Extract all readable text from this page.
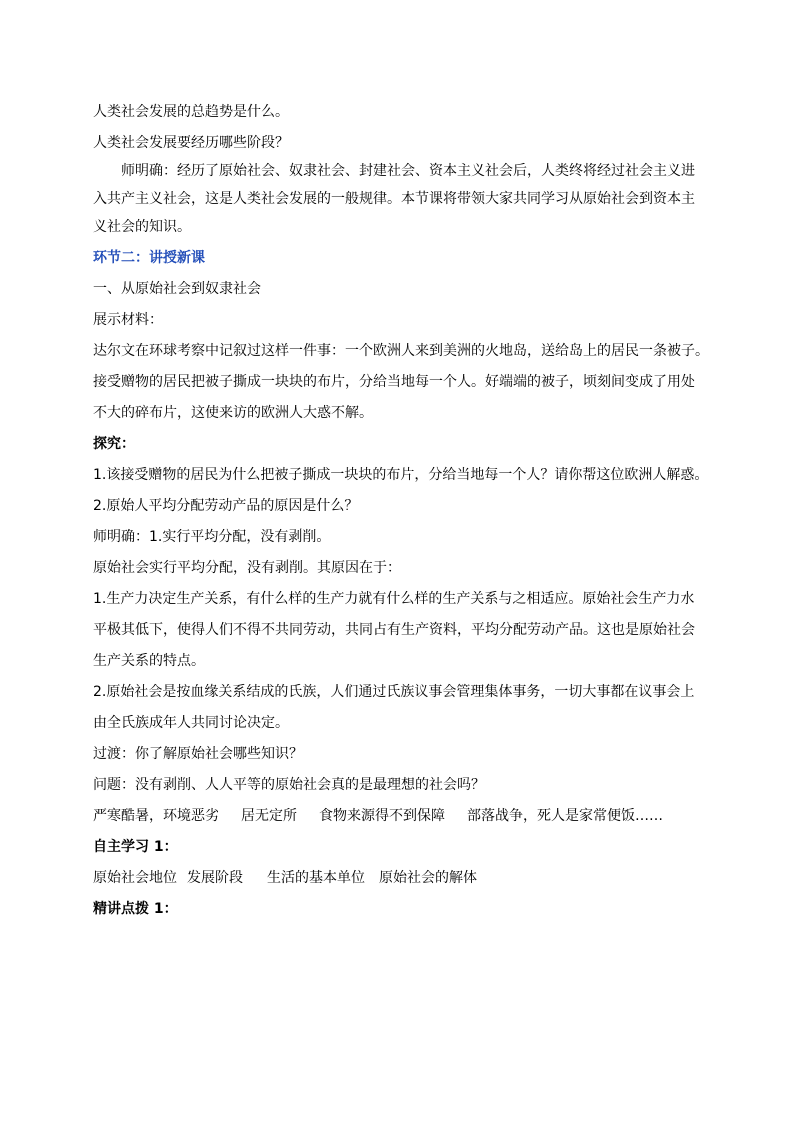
人类社会发展的总趋势是什么。

人类社会发展要经历哪些阶段？

师明确：经历了原始社会、奴隶社会、封建社会、资本主义社会后，人类终将经过社会主义进

入共产主义社会，这是人类社会发展的一般规律。本节课将带领大家共同学习从原始社会到资本主

义社会的知识。

环节二：讲授新课

一、从原始社会到奴隶社会

展示材料：

达尔文在环球考察中记叙过这样一件事：一个欧洲人来到美洲的火地岛，送给岛上的居民一条被子。

接受赠物的居民把被子撕成一块块的布片，分给当地每一个人。好端端的被子，顷刻间变成了用处

不大的碎布片，这使来访的欧洲人大惑不解。

探究：

1.该接受赠物的居民为什么把被子撕成一块块的布片，分给当地每一个人？请你帮这位欧洲人解惑。

2.原始人平均分配劳动产品的原因是什么？

师明确：1.实行平均分配，没有剥削。

原始社会实行平均分配，没有剥削。其原因在于：

1.生产力决定生产关系，有什么样的生产力就有什么样的生产关系与之相适应。原始社会生产力水

平极其低下，使得人们不得不共同劳动，共同占有生产资料，平均分配劳动产品。这也是原始社会

生产关系的特点。

2.原始社会是按血缘关系结成的氏族，人们通过氏族议事会管理集体事务，一切大事都在议事会上

由全氏族成年人共同讨论决定。

过渡：你了解原始社会哪些知识？

问题：没有剥削、人人平等的原始社会真的是最理想的社会吗？

严寒酷暑，环境恶劣 居无定所 食物来源得不到保障 部落战争，死人是家常便饭……

自主学习 1：

原始社会地位 发展阶段 生活的基本单位 原始社会的解体

精讲点拨 1：
